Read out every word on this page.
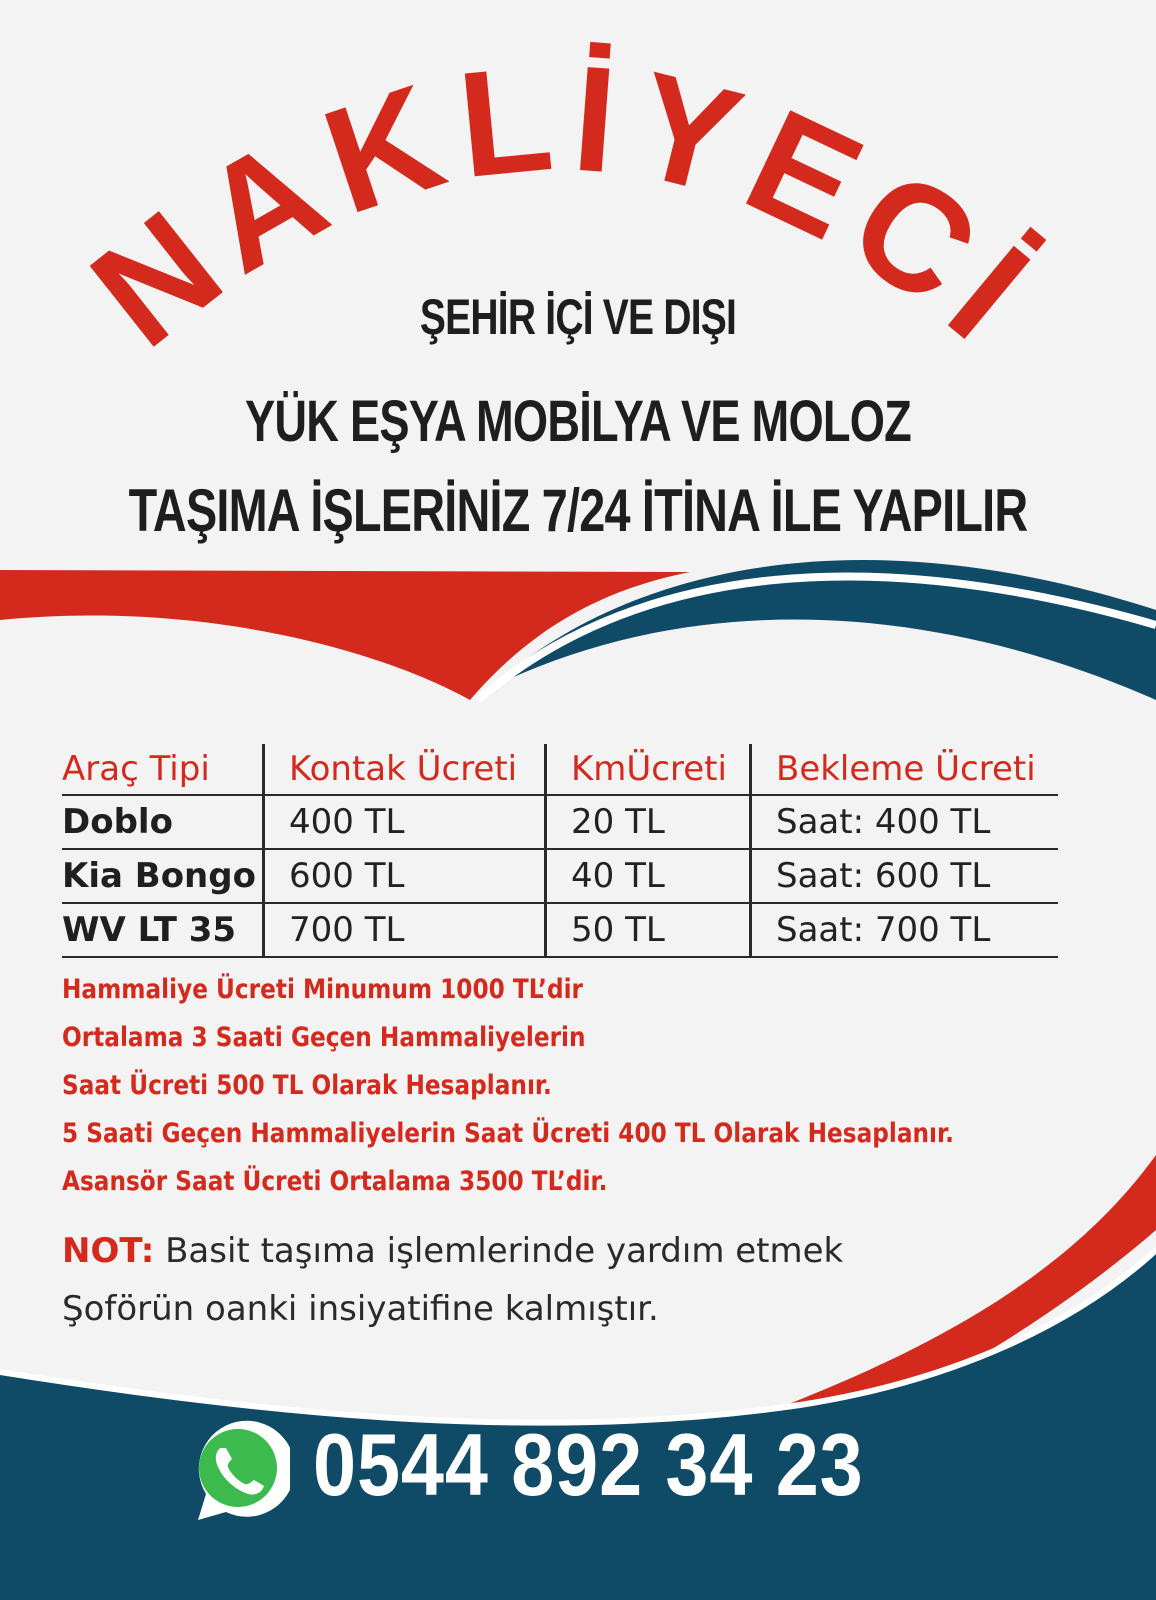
NAKLİYECİ
ŞEHİR İÇİ VE DIŞI
YÜK EŞYA MOBİLYA VE MOLOZ
TAŞIMA İŞLERİNİZ 7/24 İTİNA İLE YAPILIR
Araç Tipi	Kontak Ücreti	KmÜcreti	Bekleme Ücreti
Doblo	400 TL	20 TL	Saat: 400 TL
Kia Bongo	600 TL	40 TL	Saat: 600 TL
WV LT 35	700 TL	50 TL	Saat: 700 TL
Hammaliye Ücreti Minumum 1000 TL’dir
Ortalama 3 Saati Geçen Hammaliyelerin
Saat Ücreti 500 TL Olarak Hesaplanır.
5 Saati Geçen Hammaliyelerin Saat Ücreti 400 TL Olarak Hesaplanır.
Asansör Saat Ücreti Ortalama 3500 TL’dir.
NOT: Basit taşıma işlemlerinde yardım etmek
Şoförün oanki insiyatifine kalmıştır.
0544 892 34 23
